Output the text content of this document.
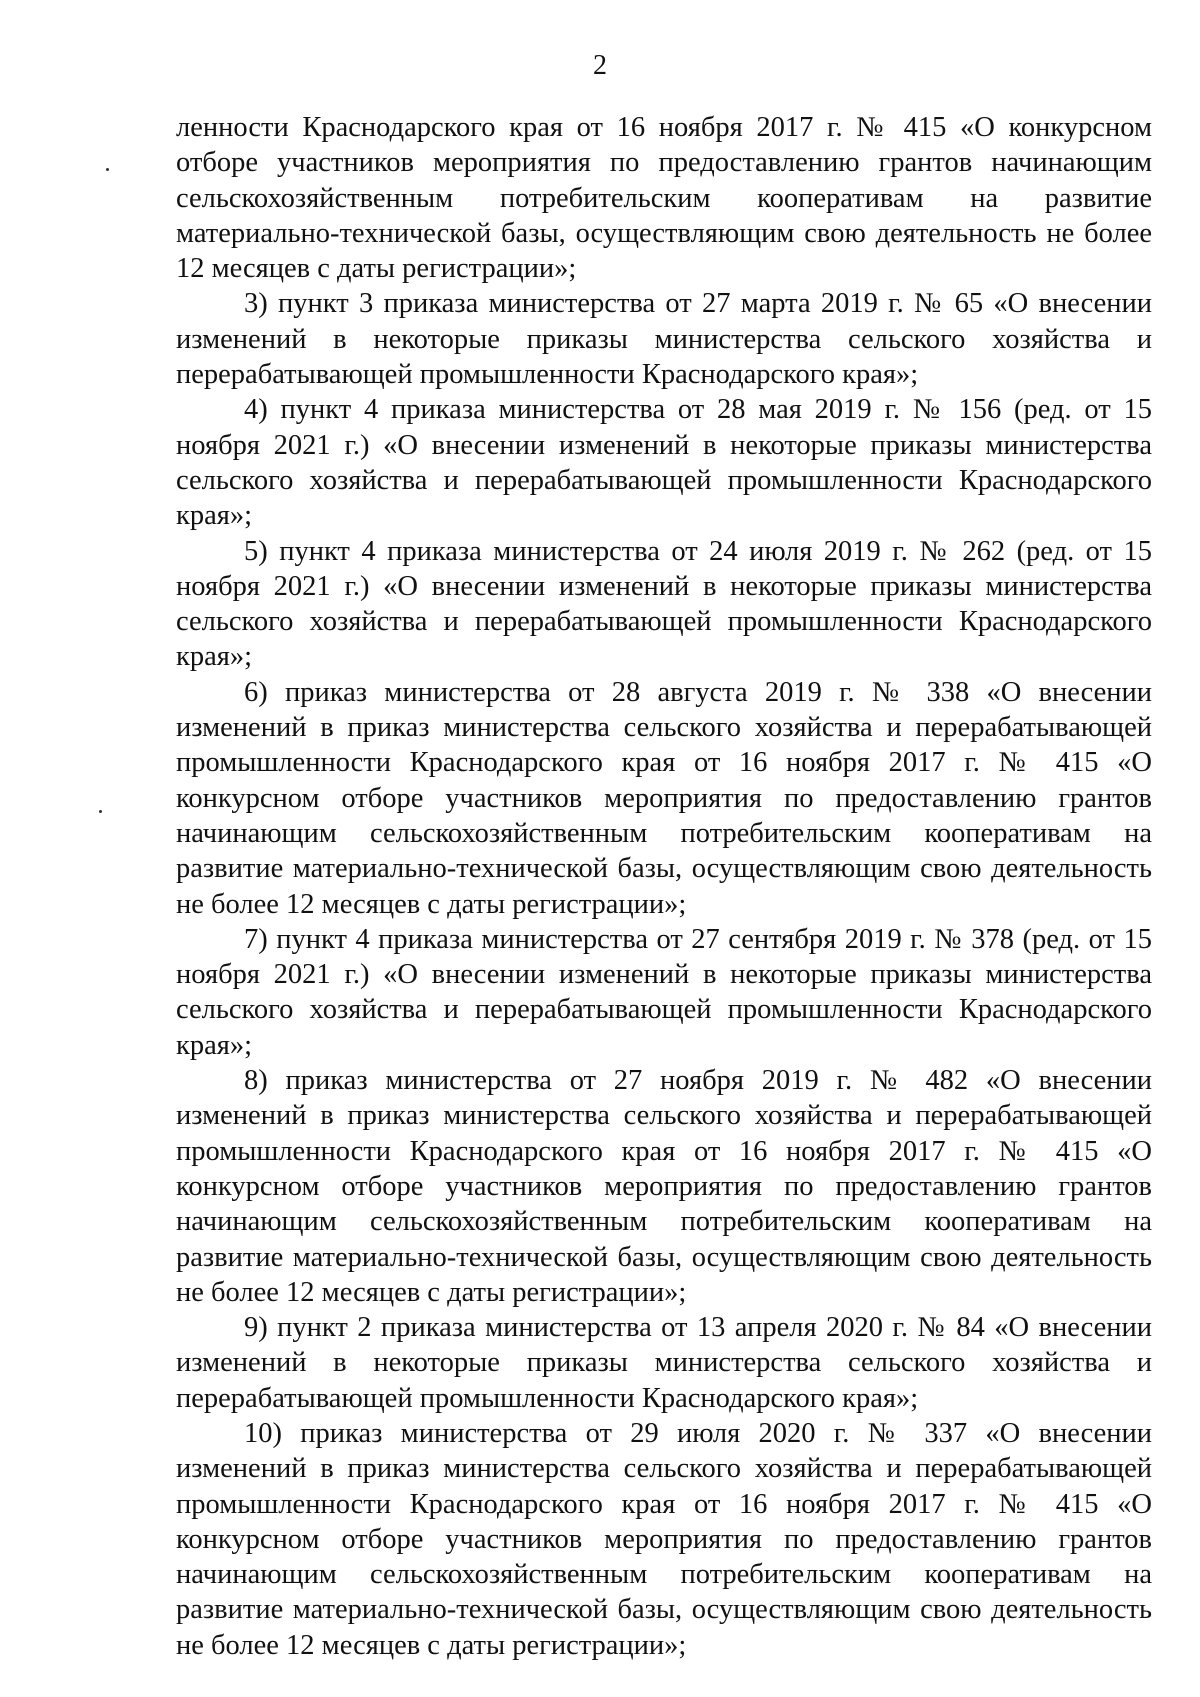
2

ленности Краснодарского края от 16 ноября 2017 г. № 415 «О конкурсном отборе участников мероприятия по предоставлению грантов начинающим сельскохозяйственным потребительским кооперативам на развитие материально-технической базы, осуществляющим свою деятельность не более 12 месяцев с даты регистрации»;

3) пункт 3 приказа министерства от 27 марта 2019 г. № 65 «О внесении изменений в некоторые приказы министерства сельского хозяйства и перерабатывающей промышленности Краснодарского края»;

4) пункт 4 приказа министерства от 28 мая 2019 г. № 156 (ред. от 15 ноября 2021 г.) «О внесении изменений в некоторые приказы министерства сельского хозяйства и перерабатывающей промышленности Краснодарского края»;

5) пункт 4 приказа министерства от 24 июля 2019 г. № 262 (ред. от 15 ноября 2021 г.) «О внесении изменений в некоторые приказы министерства сельского хозяйства и перерабатывающей промышленности Краснодарского края»;

6) приказ министерства от 28 августа 2019 г. № 338 «О внесении изменений в приказ министерства сельского хозяйства и перерабатывающей промышленности Краснодарского края от 16 ноября 2017 г. № 415 «О конкурсном отборе участников мероприятия по предоставлению грантов начинающим сельскохозяйственным потребительским кооперативам на развитие материально-технической базы, осуществляющим свою деятельность не более 12 месяцев с даты регистрации»;

7) пункт 4 приказа министерства от 27 сентября 2019 г. № 378 (ред. от 15 ноября 2021 г.) «О внесении изменений в некоторые приказы министерства сельского хозяйства и перерабатывающей промышленности Краснодарского края»;

8) приказ министерства от 27 ноября 2019 г. № 482 «О внесении изменений в приказ министерства сельского хозяйства и перерабатывающей промышленности Краснодарского края от 16 ноября 2017 г. № 415 «О конкурсном отборе участников мероприятия по предоставлению грантов начинающим сельскохозяйственным потребительским кооперативам на развитие материально-технической базы, осуществляющим свою деятельность не более 12 месяцев с даты регистрации»;

9) пункт 2 приказа министерства от 13 апреля 2020 г. № 84 «О внесении изменений в некоторые приказы министерства сельского хозяйства и перерабатывающей промышленности Краснодарского края»;

10) приказ министерства от 29 июля 2020 г. № 337 «О внесении изменений в приказ министерства сельского хозяйства и перерабатывающей промышленности Краснодарского края от 16 ноября 2017 г. № 415 «О конкурсном отборе участников мероприятия по предоставлению грантов начинающим сельскохозяйственным потребительским кооперативам на развитие материально-технической базы, осуществляющим свою деятельность не более 12 месяцев с даты регистрации»;
